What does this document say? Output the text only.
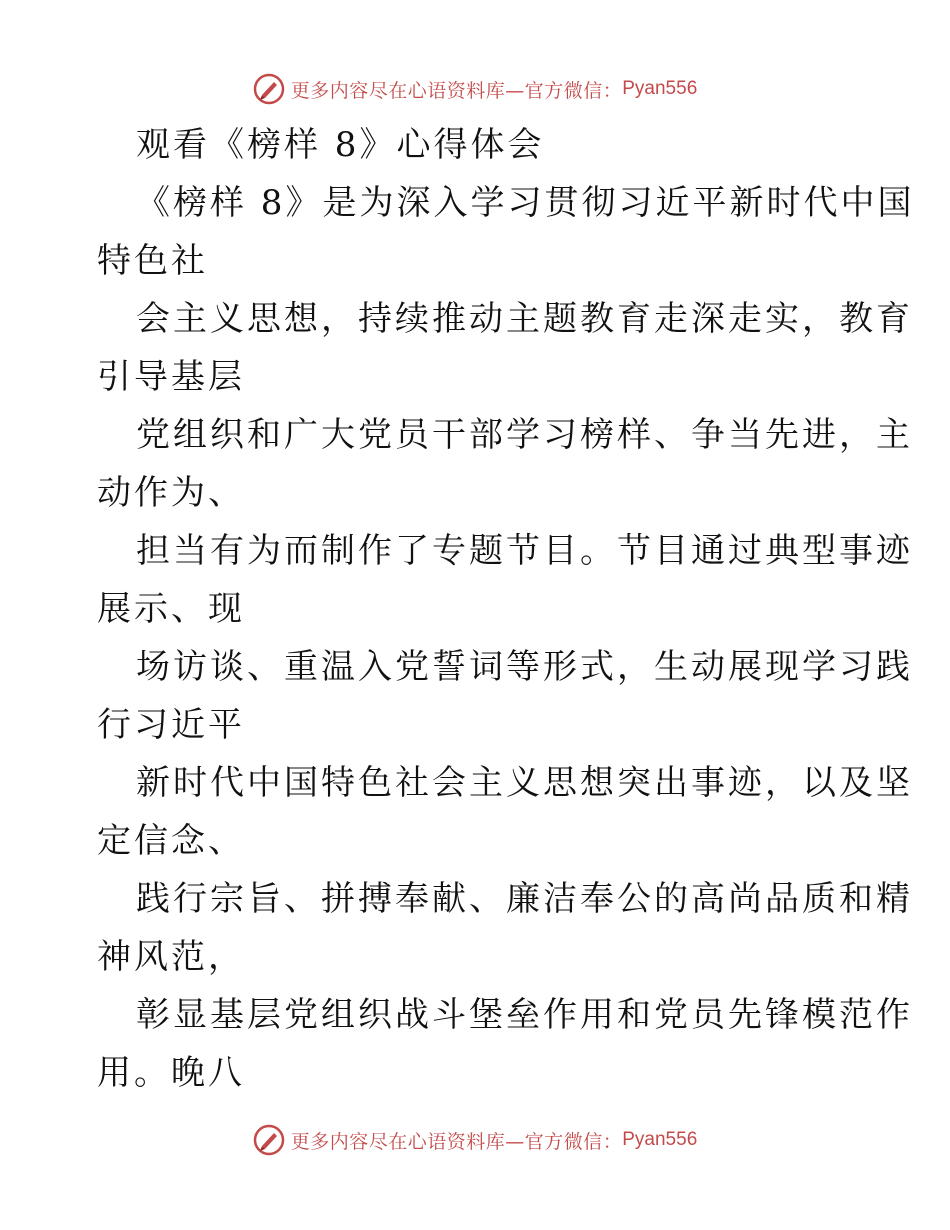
更多内容尽在心语资料库—官方微信： Pyan556
观看《榜样 8》心得体会
《榜样 8》是为深入学习贯彻习近平新时代中国
特色社
会主义思想，持续推动主题教育走深走实，教育
引导基层
党组织和广大党员干部学习榜样、争当先进，主
动作为、
担当有为而制作了专题节目。节目通过典型事迹
展示、现
场访谈、重温入党誓词等形式，生动展现学习践
行习近平
新时代中国特色社会主义思想突出事迹，以及坚
定信念、
践行宗旨、拼搏奉献、廉洁奉公的高尚品质和精
神风范，
彰显基层党组织战斗堡垒作用和党员先锋模范作
用。晚八
更多内容尽在心语资料库—官方微信： Pyan556
